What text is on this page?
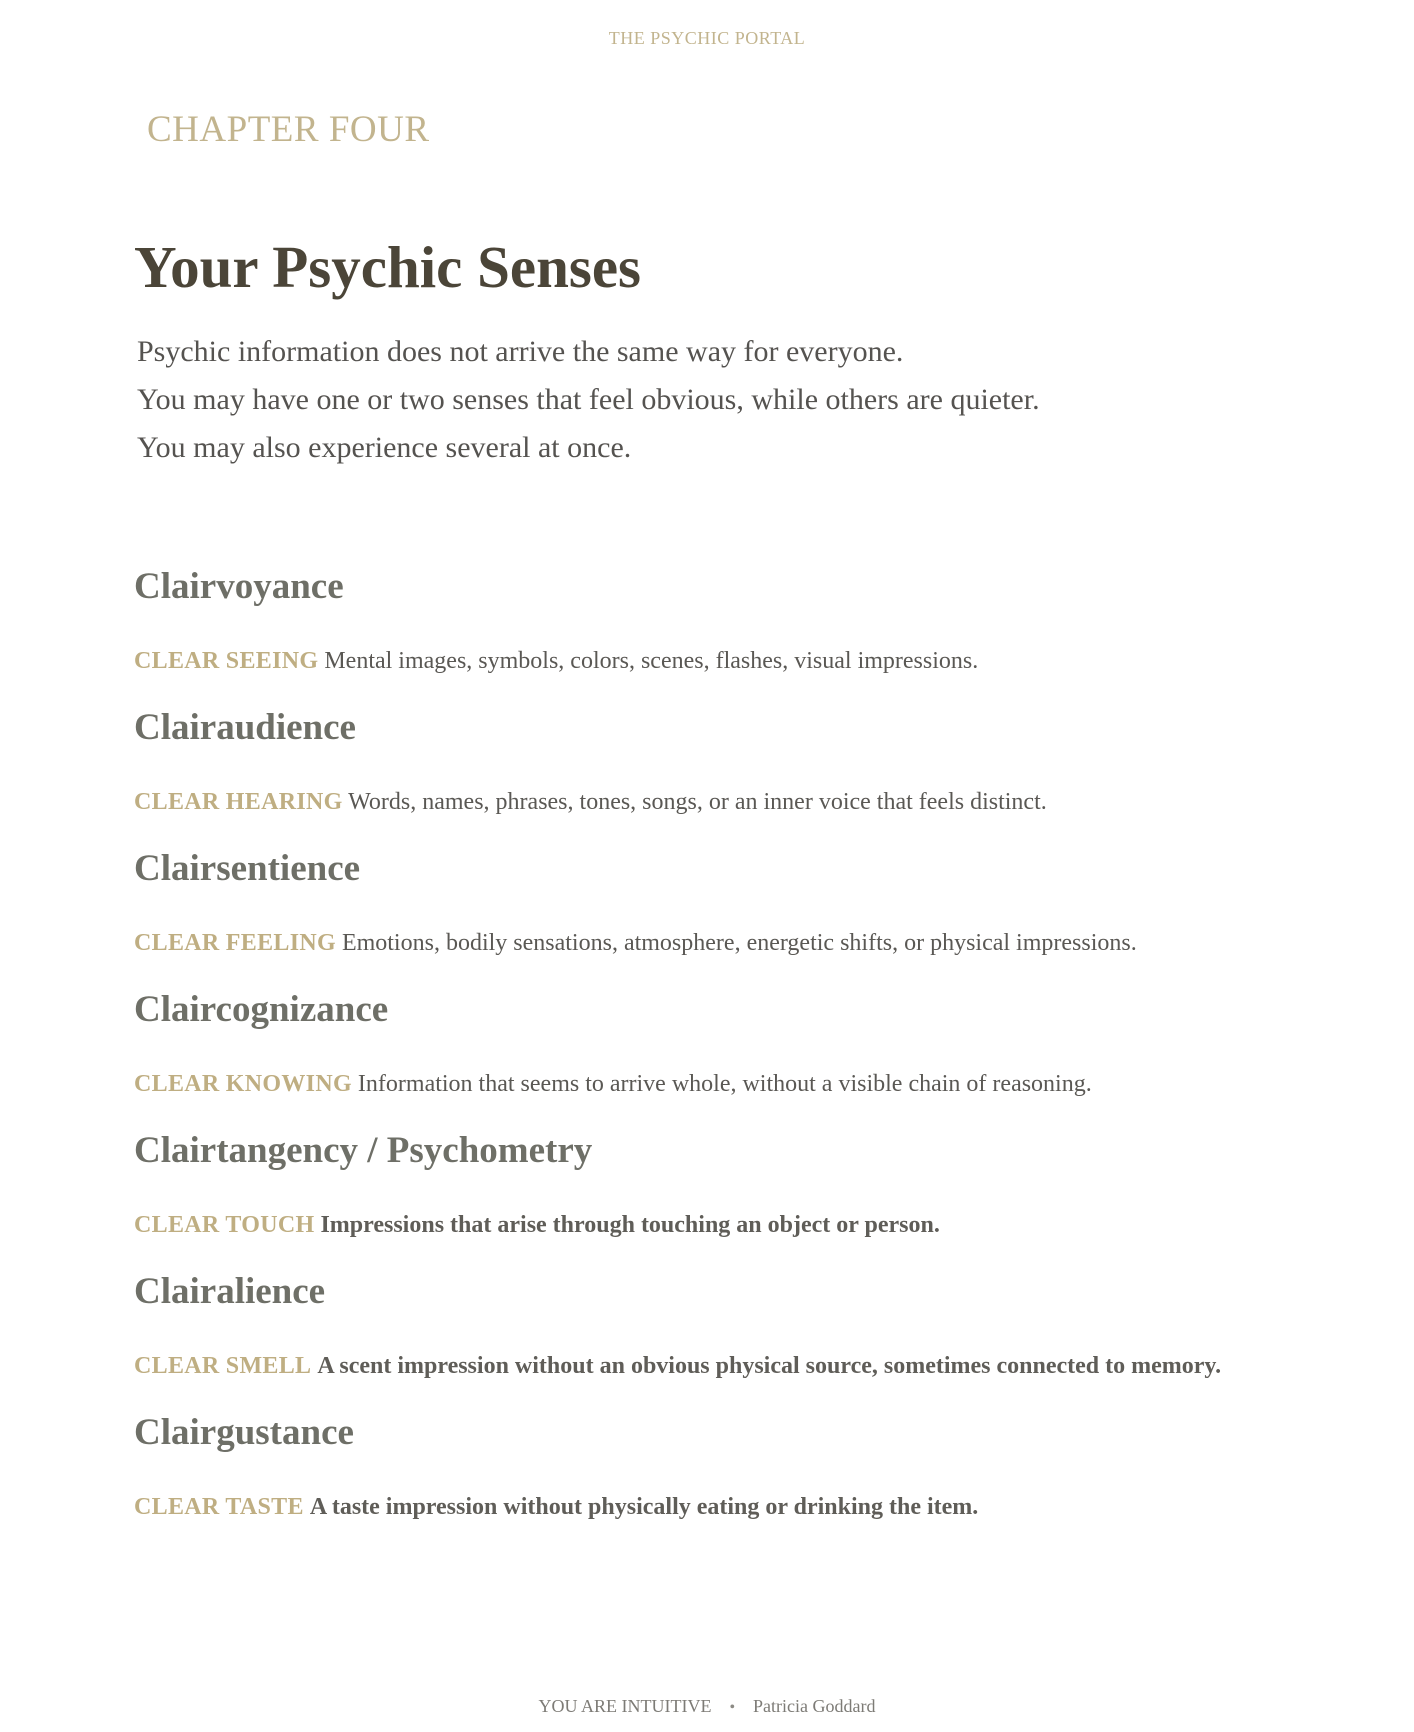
THE PSYCHIC PORTAL
CHAPTER FOUR
Your Psychic Senses

Psychic information does not arrive the same way for everyone.
You may have one or two senses that feel obvious, while others are quieter.
You may also experience several at once.

Clairvoyance

CLEAR SEEING Mental images, symbols, colors, scenes, flashes, visual impressions.

Clairaudience

CLEAR HEARING Words, names, phrases, tones, songs, or an inner voice that feels distinct.

Clairsentience

CLEAR FEELING Emotions, bodily sensations, atmosphere, energetic shifts, or physical impressions.

Claircognizance

CLEAR KNOWING Information that seems to arrive whole, without a visible chain of reasoning.

Clairtangency / Psychometry

CLEAR TOUCH Impressions that arise through touching an object or person.

Clairalience

CLEAR SMELL A scent impression without an obvious physical source, sometimes connected to memory.

Clairgustance

CLEAR TASTE A taste impression without physically eating or drinking the item.

YOU ARE INTUITIVE • Patricia Goddard
